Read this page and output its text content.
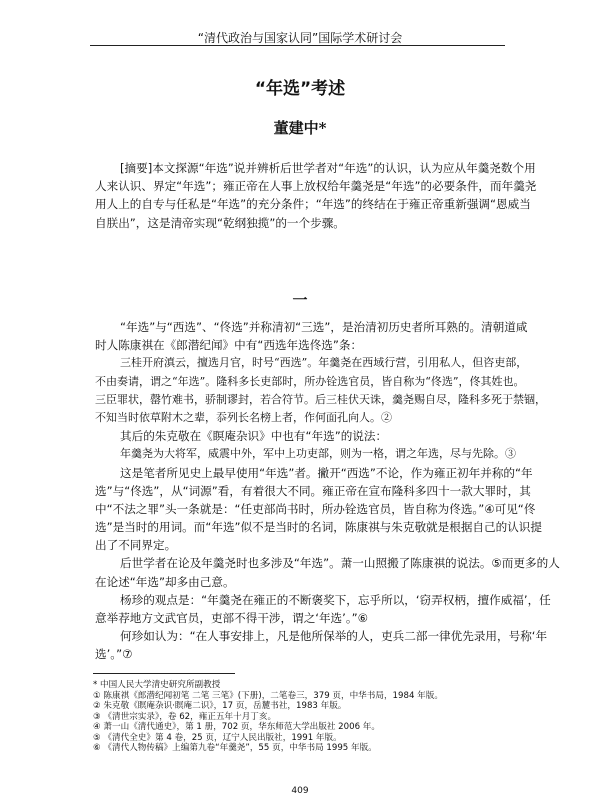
“清代政治与国家认同”国际学术研讨会
“年选”考述
董建中*
[摘要]本文探源“年选”说并辨析后世学者对“年选”的认识，认为应从年羹尧数个用
人来认识、界定“年选”；雍正帝在人事上放权给年羹尧是“年选”的必要条件，而年羹尧
用人上的自专与任私是“年选”的充分条件；“年选”的终结在于雍正帝重新强调“恩威当
自朕出”，这是清帝实现“乾纲独揽”的一个步骤。
一
“年选”与“西选”、“佟选”并称清初“三选”，是治清初历史者所耳熟的。清朝道咸
时人陈康祺在《郎潜纪闻》中有“西选年选佟选”条：
三桂开府滇云，擅选月官，时号“西选”。年羹尧在西域行营，引用私人，但咨吏部，
不由奏请，谓之“年选”。隆科多长吏部时，所办铨选官员，皆自称为“佟选”，佟其姓也。
三臣罪状，罄竹难书，骄制谬封，若合符节。后三桂伏天诛，羹尧赐自尽，隆科多死于禁锢，
不知当时依草附木之辈，忝列长名榜上者，作何面孔向人。②
其后的朱克敬在《瞑庵杂识》中也有“年选”的说法：
年羹尧为大将军，威震中外，军中上功吏部，则为一格，谓之年选，尽与先除。③
这是笔者所见史上最早使用“年选”者。撇开“西选”不论，作为雍正初年并称的“年
选”与“佟选”，从“词源”看，有着很大不同。雍正帝在宣布隆科多四十一款大罪时，其
中“不法之罪”头一条就是：“任吏部尚书时，所办铨选官员，皆自称为佟选。”④可见“佟
选”是当时的用词。而“年选”似不是当时的名词，陈康祺与朱克敬就是根据自己的认识提
出了不同界定。
后世学者在论及年羹尧时也多涉及“年选”。萧一山照搬了陈康祺的说法。⑤而更多的人
在论述“年选”却多由己意。
杨珍的观点是：“年羹尧在雍正的不断褒奖下，忘乎所以，‘窃弄权柄，擅作威福’，任
意举荐地方文武官员，吏部不得干涉，谓之‘年选’。”⑥
何珍如认为：“在人事安排上，凡是他所保举的人，吏兵二部一律优先录用，号称‘年
选’。”⑦
* 中国人民大学清史研究所副教授
① 陈康祺《郎潜纪闻初笔 二笔 三笔》(下册)，二笔卷三，379 页，中华书局，1984 年版。
② 朱克敬《瞑庵杂识·瞑庵二识》，17 页，岳麓书社，1983 年版。
③ 《清世宗实录》，卷 62，雍正五年十月丁亥。
④ 萧一山《清代通史》，第 1 册，702 页，华东师范大学出版社 2006 年。
⑤ 《清代全史》第 4 卷，25 页，辽宁人民出版社，1991 年版。
⑥ 《清代人物传稿》上编第九卷“年羹尧”，55 页，中华书局 1995 年版。
409
